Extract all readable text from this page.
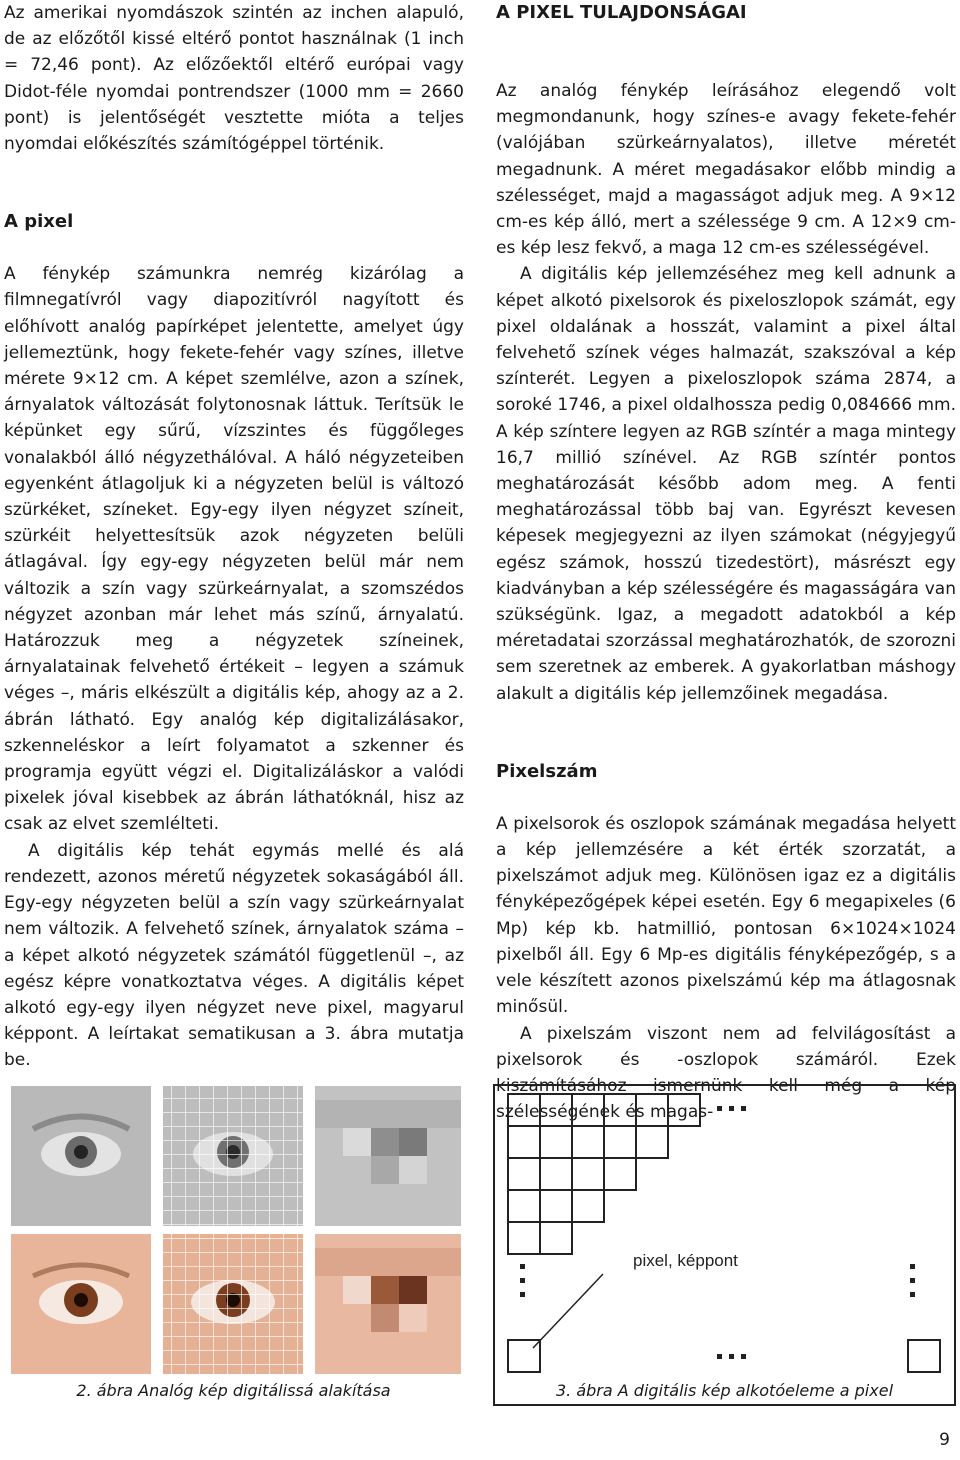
Az amerikai nyomdászok szintén az inchen alapuló, de az előzőtől kissé eltérő pontot használnak (1 inch = 72,46 pont). Az előzőektől eltérő európai vagy Didot-féle nyomdai pontrendszer (1000 mm = 2660 pont) is jelentőségét vesztette mióta a teljes nyomdai előkészítés számítógéppel történik.

A pixel

A fénykép számunkra nemrég kizárólag a filmnegatívról vagy diapozitívról nagyított és előhívott analóg papírképet jelentette, amelyet úgy jellemeztünk, hogy fekete-fehér vagy színes, illetve mérete 9×12 cm. A képet szemlélve, azon a színek, árnyalatok változását folytonosnak láttuk. Terítsük le képünket egy sűrű, vízszintes és függőleges vonalakból álló négyzethálóval. A háló négyzeteiben egyenként átlagoljuk ki a négyzeten belül is változó szürkéket, színeket. Egy-egy ilyen négyzet színeit, szürkéit helyettesítsük azok négyzeten belüli átlagával. Így egy-egy négyzeten belül már nem változik a szín vagy szürkeárnyalat, a szomszédos négyzet azonban már lehet más színű, árnyalatú. Határozzuk meg a négyzetek színeinek, árnyalatainak felvehető értékeit – legyen a számuk véges –, máris elkészült a digitális kép, ahogy az a 2. ábrán látható. Egy analóg kép digitalizálásakor, szkenneléskor a leírt folyamatot a szkenner és programja együtt végzi el. Digitalizáláskor a valódi pixelek jóval kisebbek az ábrán láthatóknál, hisz az csak az elvet szemlélteti.

A digitális kép tehát egymás mellé és alá rendezett, azonos méretű négyzetek sokaságából áll. Egy-egy négyzeten belül a szín vagy szürkeárnyalat nem változik. A felvehető színek, árnyalatok száma – a képet alkotó négyzetek számától függetlenül –, az egész képre vonatkoztatva véges. A digitális képet alkotó egy-egy ilyen négyzet neve pixel, magyarul képpont. A leírtakat sematikusan a 3. ábra mutatja be.

A PIXEL TULAJDONSÁGAI

Az analóg fénykép leírásához elegendő volt megmondanunk, hogy színes-e avagy fekete-fehér (valójában szürkeárnyalatos), illetve méretét megadnunk. A méret megadásakor előbb mindig a szélességet, majd a magasságot adjuk meg. A 9×12 cm-es kép álló, mert a szélessége 9 cm. A 12×9 cm-es kép lesz fekvő, a maga 12 cm-es szélességével.

A digitális kép jellemzéséhez meg kell adnunk a képet alkotó pixelsorok és pixeloszlopok számát, egy pixel oldalának a hosszát, valamint a pixel által felvehető színek véges halmazát, szakszóval a kép színterét. Legyen a pixeloszlopok száma 2874, a soroké 1746, a pixel oldalhossza pedig 0,084666 mm. A kép színtere legyen az RGB színtér a maga mintegy 16,7 millió színével. Az RGB színtér pontos meghatározását később adom meg. A fenti meghatározással több baj van. Egyrészt kevesen képesek megjegyezni az ilyen számokat (négyjegyű egész számok, hosszú tizedestört), másrészt egy kiadványban a kép szélességére és magasságára van szükségünk. Igaz, a megadott adatokból a kép méretadatai szorzással meghatározhatók, de szorozni sem szeretnek az emberek. A gyakorlatban máshogy alakult a digitális kép jellemzőinek megadása.

Pixelszám

A pixelsorok és oszlopok számának megadása helyett a kép jellemzésére a két érték szorzatát, a pixelszámot adjuk meg. Különösen igaz ez a digitális fényképezőgépek képei esetén. Egy 6 megapixeles (6 Mp) kép kb. hatmillió, pontosan 6×1024×1024 pixelből áll. Egy 6 Mp-es digitális fényképezőgép, s a vele készített azonos pixelszámú kép ma átlagosnak minősül.

A pixelszám viszont nem ad felvilágosítást a pixelsorok és -oszlopok számáról. Ezek kiszámításához ismernünk kell még a kép szélességének és magas-

2. ábra Analóg kép digitálissá alakítása
pixel, képpont
3. ábra A digitális kép alkotóeleme a pixel
9
